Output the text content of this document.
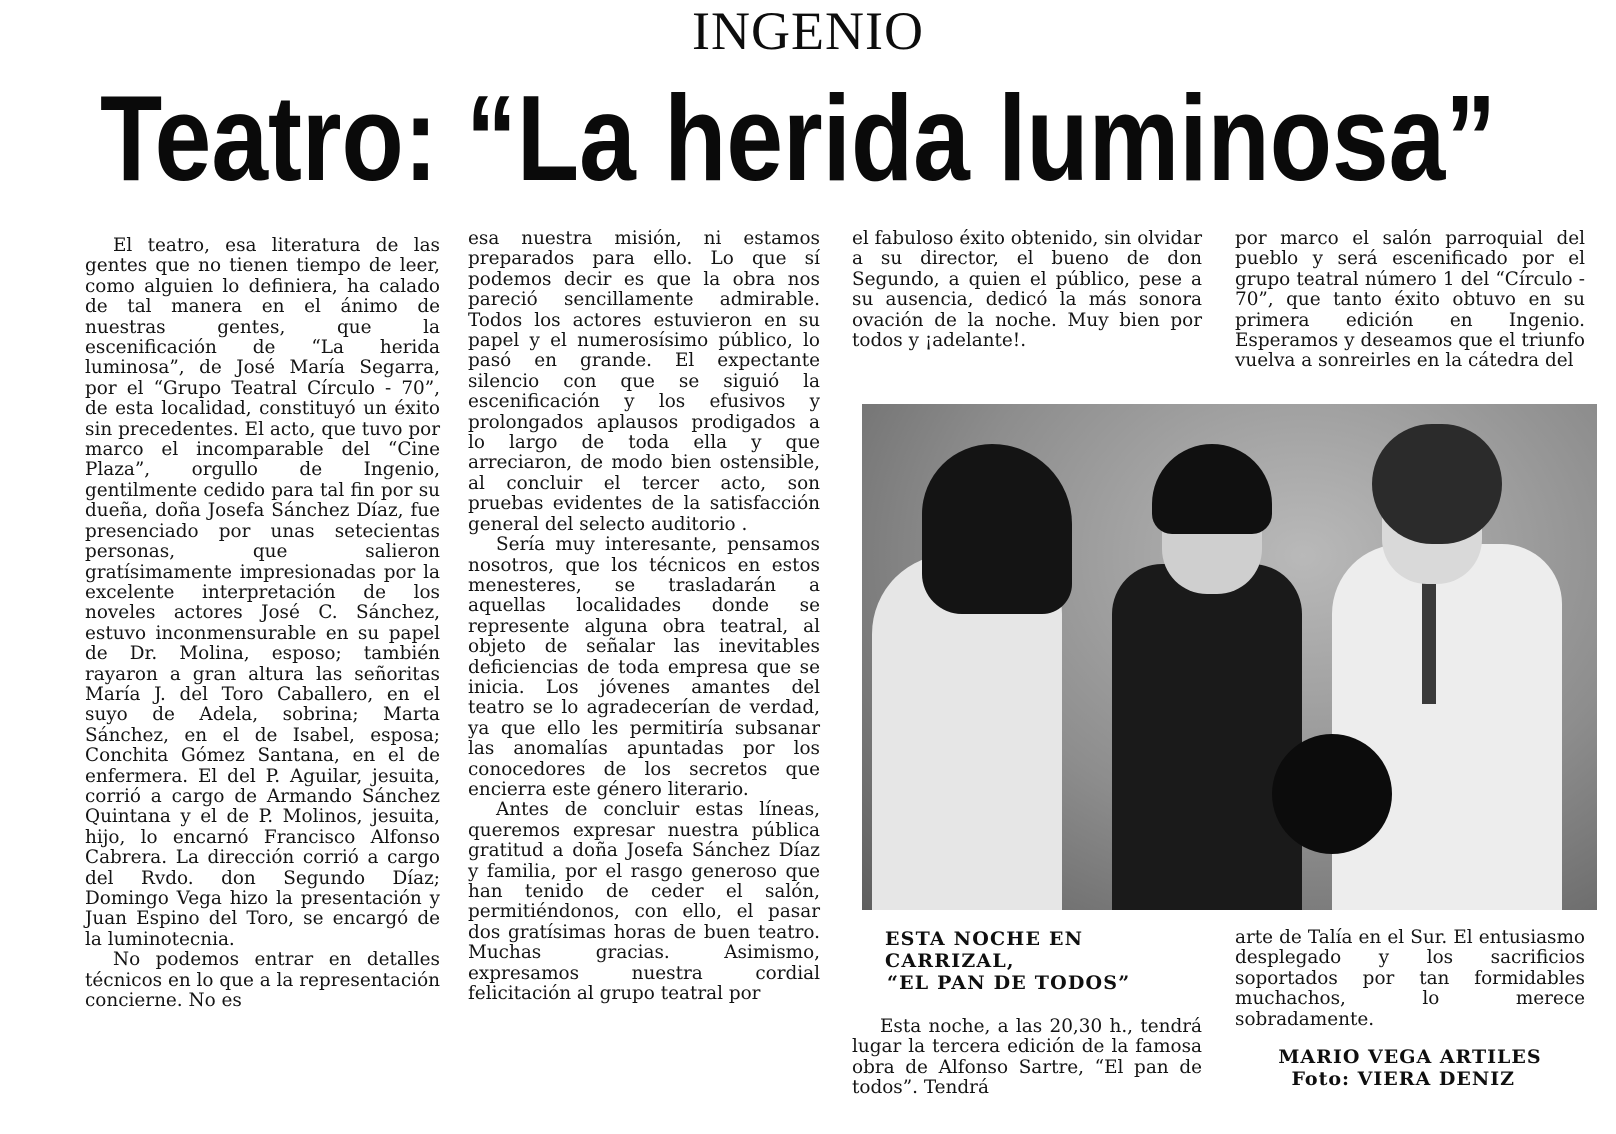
INGENIO
Teatro: “La herida luminosa”

El teatro, esa literatura de las gentes que no tienen tiempo de leer, como alguien lo definiera, ha calado de tal manera en el ánimo de nuestras gentes, que la escenificación de “La herida luminosa”, de José María Segarra, por el “Grupo Teatral Círculo - 70”, de esta localidad, constituyó un éxito sin precedentes. El acto, que tuvo por marco el incomparable del “Cine Plaza”, orgullo de Ingenio, gentilmente cedido para tal fin por su dueña, doña Josefa Sánchez Díaz, fue presenciado por unas setecientas personas, que salieron gratísimamente impresionadas por la excelente interpretación de los noveles actores José C. Sánchez, estuvo inconmensurable en su papel de Dr. Molina, esposo; también rayaron a gran altura las señoritas María J. del Toro Caballero, en el suyo de Adela, sobrina; Marta Sánchez, en el de Isabel, esposa; Conchita Gómez Santana, en el de enfermera. El del P. Aguilar, jesuita, corrió a cargo de Armando Sánchez Quintana y el de P. Molinos, jesuita, hijo, lo encarnó Francisco Alfonso Cabrera. La dirección corrió a cargo del Rvdo. don Segundo Díaz; Domingo Vega hizo la presentación y Juan Espino del Toro, se encargó de la luminotecnia.

No podemos entrar en detalles técnicos en lo que a la representación concierne. No es

esa nuestra misión, ni estamos preparados para ello. Lo que sí podemos decir es que la obra nos pareció sencillamente admirable. Todos los actores estuvieron en su papel y el numerosísimo público, lo pasó en grande. El expectante silencio con que se siguió la escenificación y los efusivos y prolongados aplausos prodigados a lo largo de toda ella y que arreciaron, de modo bien ostensible, al concluir el tercer acto, son pruebas evidentes de la satisfacción general del selecto auditorio .

Sería muy interesante, pensamos nosotros, que los técnicos en estos menesteres, se trasladarán a aquellas localidades donde se represente alguna obra teatral, al objeto de señalar las inevitables deficiencias de toda empresa que se inicia. Los jóvenes amantes del teatro se lo agradecerían de verdad, ya que ello les permitiría subsanar las anomalías apuntadas por los conocedores de los secretos que encierra este género literario.

Antes de concluir estas líneas, queremos expresar nuestra pública gratitud a doña Josefa Sánchez Díaz y familia, por el rasgo generoso que han tenido de ceder el salón, permitiéndonos, con ello, el pasar dos gratísimas horas de buen teatro. Muchas gracias. Asimismo, expresamos nuestra cordial felicitación al grupo teatral por

el fabuloso éxito obtenido, sin olvidar a su director, el bueno de don Segundo, a quien el público, pese a su ausencia, dedicó la más sonora ovación de la noche. Muy bien por todos y ¡adelante!.

por marco el salón parroquial del pueblo y será escenificado por el grupo teatral número 1 del “Círculo - 70”, que tanto éxito obtuvo en su primera edición en Ingenio. Esperamos y deseamos que el triunfo vuelva a sonreirles en la cátedra del

ESTA NOCHE EN
CARRIZAL,
“EL PAN DE TODOS”

Esta noche, a las 20,30 h., tendrá lugar la tercera edición de la famosa obra de Alfonso Sartre, “El pan de todos”. Tendrá

arte de Talía en el Sur. El entusiasmo desplegado y los sacrificios soportados por tan formidables muchachos, lo merece sobradamente.

MARIO VEGA ARTILES
Foto: VIERA DENIZ
